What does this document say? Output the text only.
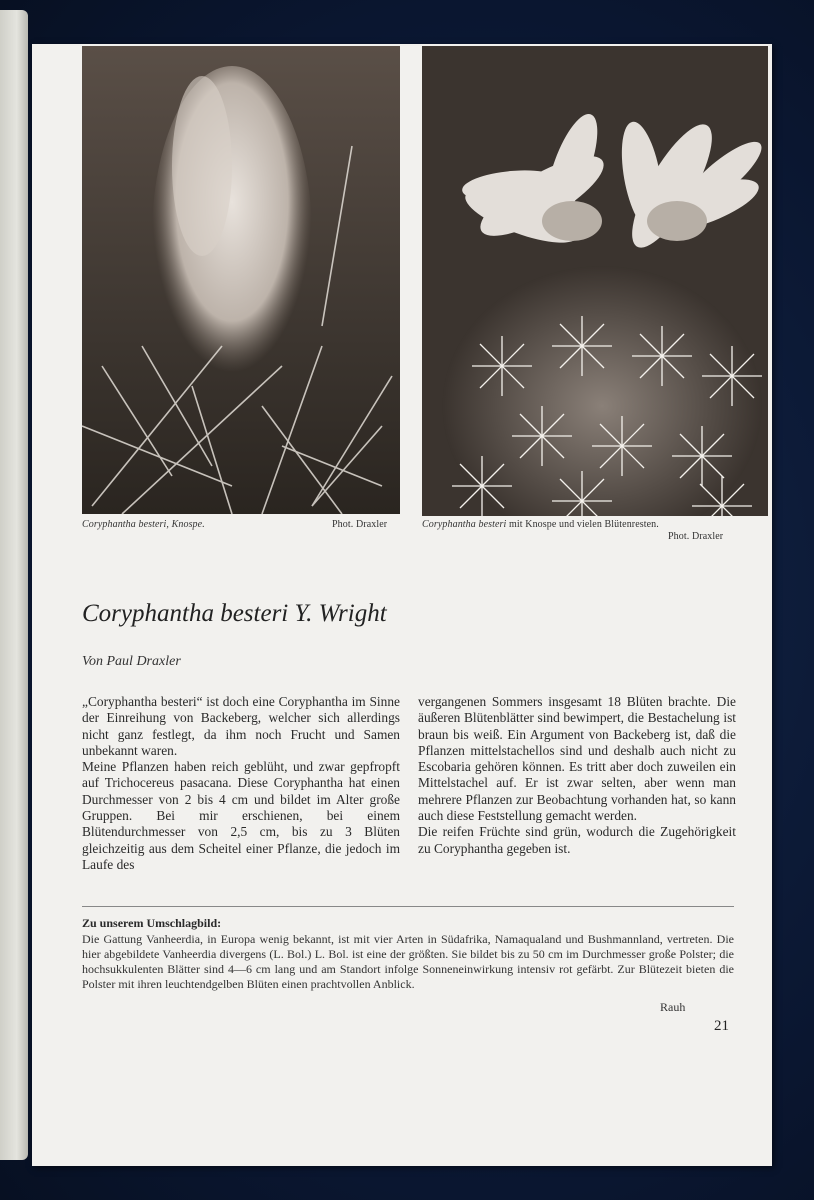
Coryphantha besteri, Knospe.	Phot. Draxler	Coryphantha besteri mit Knospe und vielen Blütenresten.
Phot. Draxler
Coryphantha besteri Y. Wright
Von Paul Draxler

„Coryphantha besteri“ ist doch eine Coryphantha im Sinne der Einreihung von Backeberg, welcher sich allerdings nicht ganz festlegt, da ihm noch Frucht und Samen unbekannt waren.

Meine Pflanzen haben reich geblüht, und zwar gepfropft auf Trichocereus pasacana. Diese Coryphantha hat einen Durchmesser von 2 bis 4 cm und bildet im Alter große Gruppen. Bei mir erschienen, bei einem Blütendurchmesser von 2,5 cm, bis zu 3 Blüten gleichzeitig aus dem Scheitel einer Pflanze, die jedoch im Laufe des

vergangenen Sommers insgesamt 18 Blüten brachte. Die äußeren Blütenblätter sind bewimpert, die Bestachelung ist braun bis weiß. Ein Argument von Backeberg ist, daß die Pflanzen mittelstachellos sind und deshalb auch nicht zu Escobaria gehören können. Es tritt aber doch zuweilen ein Mittelstachel auf. Er ist zwar selten, aber wenn man mehrere Pflanzen zur Beobachtung vorhanden hat, so kann auch diese Feststellung gemacht werden.

Die reifen Früchte sind grün, wodurch die Zugehörigkeit zu Coryphantha gegeben ist.

Zu unserem Umschlagbild:

Die Gattung Vanheerdia, in Europa wenig bekannt, ist mit vier Arten in Südafrika, Namaqualand und Bushmannland, vertreten. Die hier abgebildete Vanheerdia divergens (L. Bol.) L. Bol. ist eine der größten. Sie bildet bis zu 50 cm im Durchmesser große Polster; die hochsukkulenten Blätter sind 4—6 cm lang und am Standort infolge Sonneneinwirkung intensiv rot gefärbt. Zur Blütezeit bieten die Polster mit ihren leuchtendgelben Blüten einen prachtvollen Anblick.

Rauh
21
